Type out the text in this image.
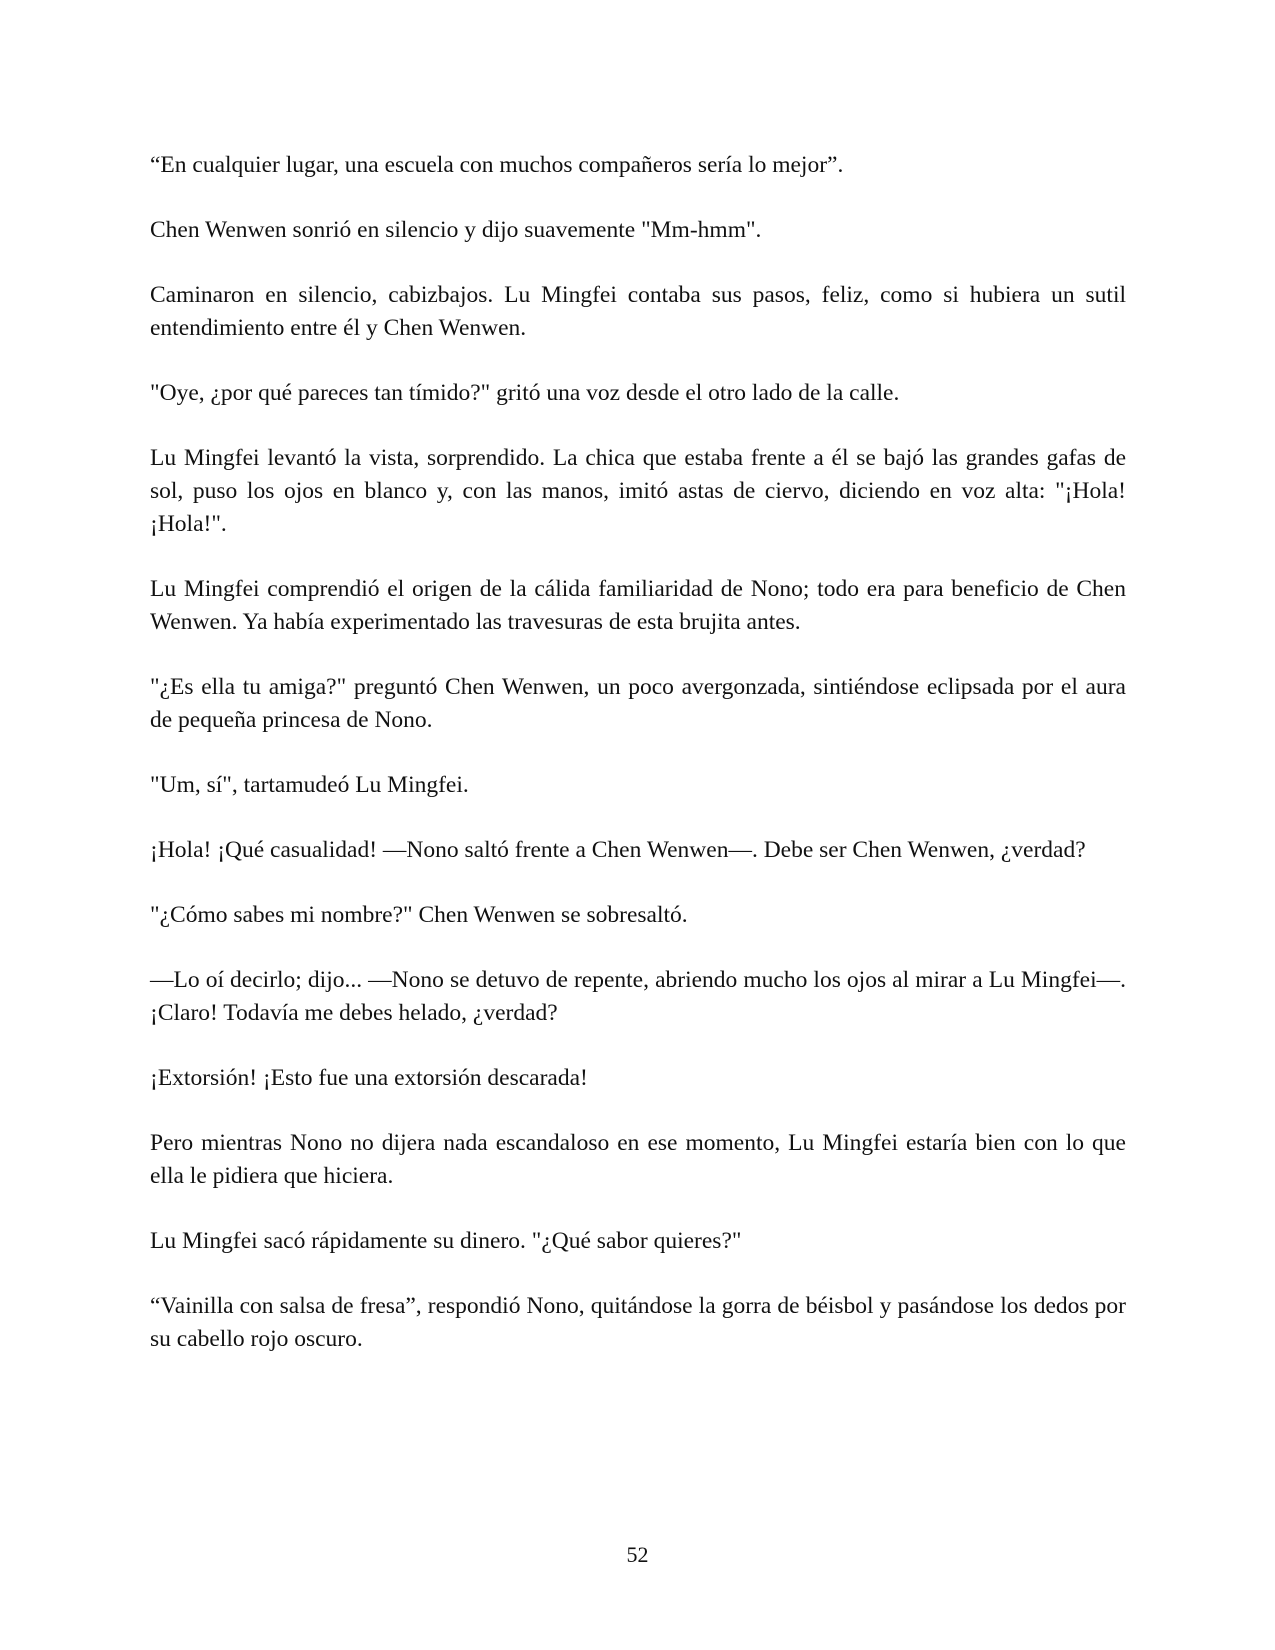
“En cualquier lugar, una escuela con muchos compañeros sería lo mejor”.

Chen Wenwen sonrió en silencio y dijo suavemente "Mm-hmm".

Caminaron en silencio, cabizbajos. Lu Mingfei contaba sus pasos, feliz, como si hubiera un sutil entendimiento entre él y Chen Wenwen.

"Oye, ¿por qué pareces tan tímido?" gritó una voz desde el otro lado de la calle.

Lu Mingfei levantó la vista, sorprendido. La chica que estaba frente a él se bajó las grandes gafas de sol, puso los ojos en blanco y, con las manos, imitó astas de ciervo, diciendo en voz alta: "¡Hola! ¡Hola!".

Lu Mingfei comprendió el origen de la cálida familiaridad de Nono; todo era para beneficio de Chen Wenwen. Ya había experimentado las travesuras de esta brujita antes.

"¿Es ella tu amiga?" preguntó Chen Wenwen, un poco avergonzada, sintiéndose eclipsada por el aura de pequeña princesa de Nono.

"Um, sí", tartamudeó Lu Mingfei.

¡Hola! ¡Qué casualidad! —Nono saltó frente a Chen Wenwen—. Debe ser Chen Wenwen, ¿verdad?

"¿Cómo sabes mi nombre?" Chen Wenwen se sobresaltó.

—Lo oí decirlo; dijo... —Nono se detuvo de repente, abriendo mucho los ojos al mirar a Lu Mingfei—. ¡Claro! Todavía me debes helado, ¿verdad?

¡Extorsión! ¡Esto fue una extorsión descarada!

Pero mientras Nono no dijera nada escandaloso en ese momento, Lu Mingfei estaría bien con lo que ella le pidiera que hiciera.

Lu Mingfei sacó rápidamente su dinero. "¿Qué sabor quieres?"

“Vainilla con salsa de fresa”, respondió Nono, quitándose la gorra de béisbol y pasándose los dedos por su cabello rojo oscuro.

52
